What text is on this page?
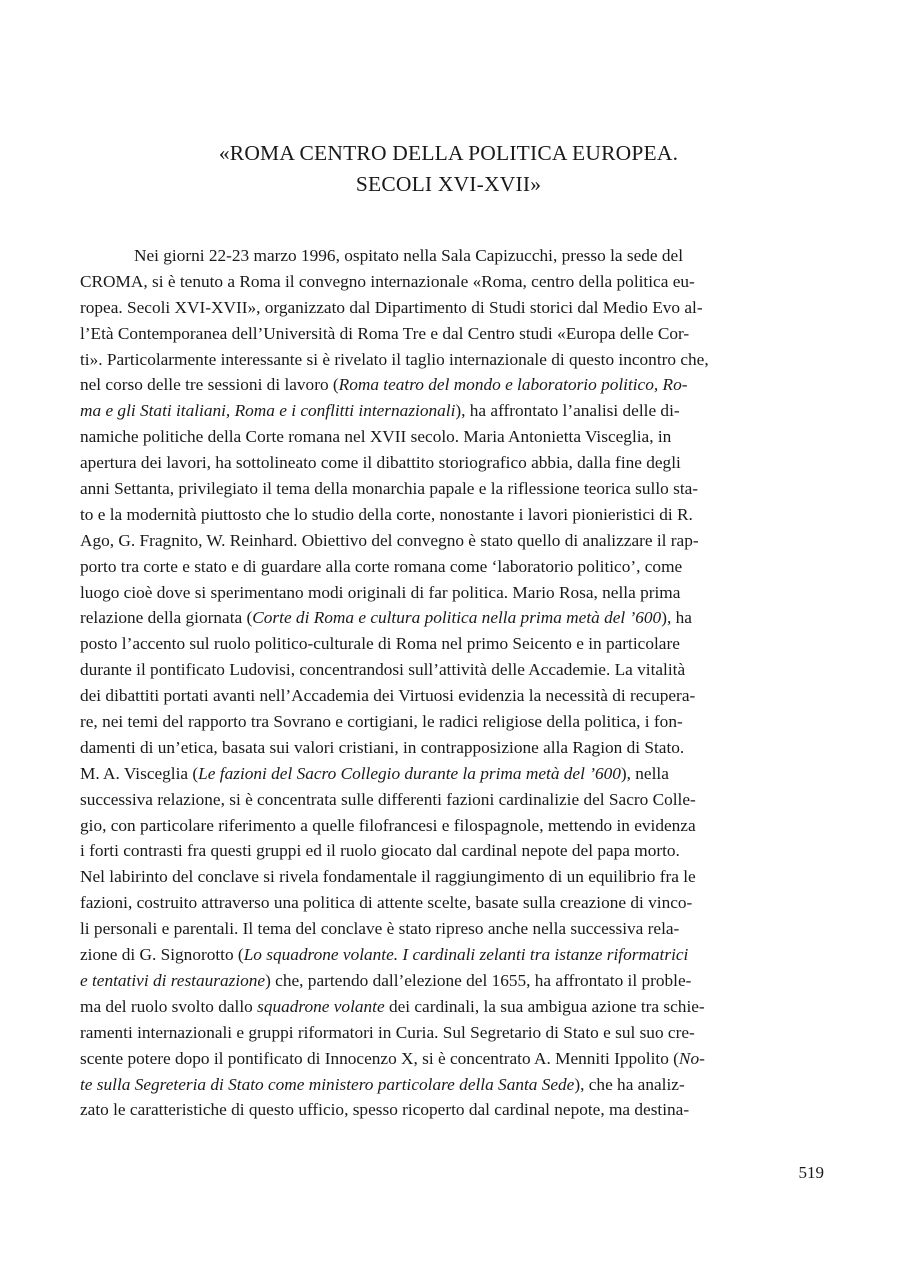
«ROMA CENTRO DELLA POLITICA EUROPEA.
SECOLI XVI-XVII»
Nei giorni 22-23 marzo 1996, ospitato nella Sala Capizucchi, presso la sede del
CROMA, si è tenuto a Roma il convegno internazionale «Roma, centro della politica eu-
ropea. Secoli XVI-XVII», organizzato dal Dipartimento di Studi storici dal Medio Evo al-
l’Età Contemporanea dell’Università di Roma Tre e dal Centro studi «Europa delle Cor-
ti». Particolarmente interessante si è rivelato il taglio internazionale di questo incontro che,
nel corso delle tre sessioni di lavoro (Roma teatro del mondo e laboratorio politico, Ro-
ma e gli Stati italiani, Roma e i conflitti internazionali), ha affrontato l’analisi delle di-
namiche politiche della Corte romana nel XVII secolo. Maria Antonietta Visceglia, in
apertura dei lavori, ha sottolineato come il dibattito storiografico abbia, dalla fine degli
anni Settanta, privilegiato il tema della monarchia papale e la riflessione teorica sullo sta-
to e la modernità piuttosto che lo studio della corte, nonostante i lavori pionieristici di R.
Ago, G. Fragnito, W. Reinhard. Obiettivo del convegno è stato quello di analizzare il rap-
porto tra corte e stato e di guardare alla corte romana come ‘laboratorio politico’, come
luogo cioè dove si sperimentano modi originali di far politica. Mario Rosa, nella prima
relazione della giornata (Corte di Roma e cultura politica nella prima metà del ’600), ha
posto l’accento sul ruolo politico-culturale di Roma nel primo Seicento e in particolare
durante il pontificato Ludovisi, concentrandosi sull’attività delle Accademie. La vitalità
dei dibattiti portati avanti nell’Accademia dei Virtuosi evidenzia la necessità di recupera-
re, nei temi del rapporto tra Sovrano e cortigiani, le radici religiose della politica, i fon-
damenti di un’etica, basata sui valori cristiani, in contrapposizione alla Ragion di Stato.
M. A. Visceglia (Le fazioni del Sacro Collegio durante la prima metà del ’600), nella
successiva relazione, si è concentrata sulle differenti fazioni cardinalizie del Sacro Colle-
gio, con particolare riferimento a quelle filofrancesi e filospagnole, mettendo in evidenza
i forti contrasti fra questi gruppi ed il ruolo giocato dal cardinal nepote del papa morto.
Nel labirinto del conclave si rivela fondamentale il raggiungimento di un equilibrio fra le
fazioni, costruito attraverso una politica di attente scelte, basate sulla creazione di vinco-
li personali e parentali. Il tema del conclave è stato ripreso anche nella successiva rela-
zione di G. Signorotto (Lo squadrone volante. I cardinali zelanti tra istanze riformatrici
e tentativi di restaurazione) che, partendo dall’elezione del 1655, ha affrontato il proble-
ma del ruolo svolto dallo squadrone volante dei cardinali, la sua ambigua azione tra schie-
ramenti internazionali e gruppi riformatori in Curia. Sul Segretario di Stato e sul suo cre-
scente potere dopo il pontificato di Innocenzo X, si è concentrato A. Menniti Ippolito (No-
te sulla Segreteria di Stato come ministero particolare della Santa Sede), che ha analiz-
zato le caratteristiche di questo ufficio, spesso ricoperto dal cardinal nepote, ma destina-
519
